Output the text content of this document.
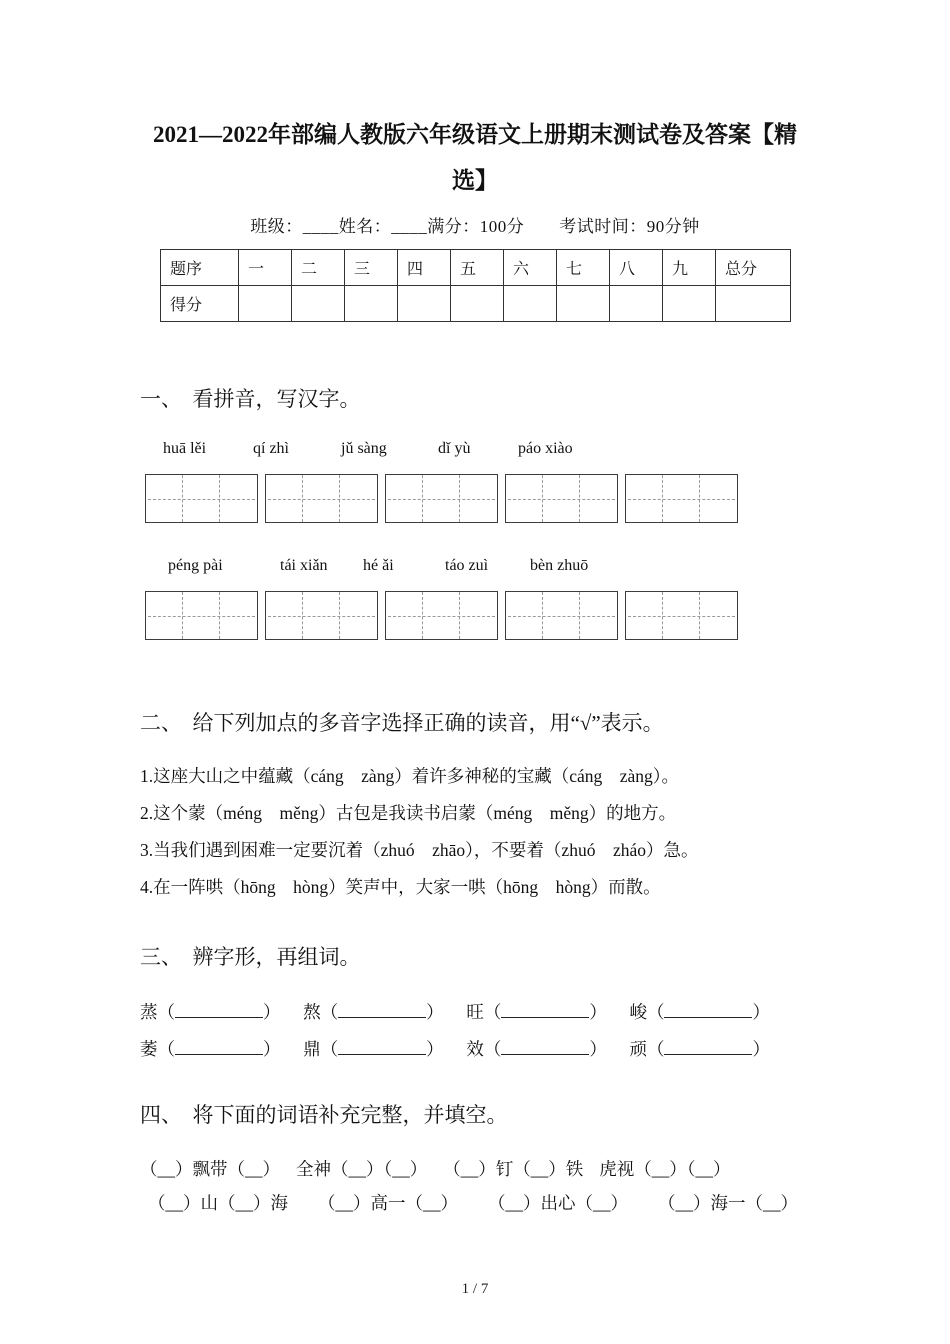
2021—2022年部编人教版六年级语文上册期末测试卷及答案【精
选】
班级：____姓名：____满分：100分　　考试时间：90分钟
题序	一	二	三	四	五	六	七	八	九	总分
得分										
一、　看拼音，写汉字。
huā lěi	qí zhì	jǔ sàng	dǐ yù	páo xiào
péng pài	tái xiǎn hé ǎi	táo zuì	bèn zhuō
二、　给下列加点的多音字选择正确的读音，用“√”表示。
1.这座大山之中蕴藏 •（cáng　zàng）着许多神秘的宝藏 •（cáng　zàng）。
2.这个蒙 •（méng　měng）古包是我读书启蒙 •（méng　měng）的地方。
3.当我们遇到困难一定要沉着 •（zhuó　zhāo），不要着 •（zhuó　zháo）急。
4.在一阵哄 •（hōng　hòng）笑声中，大家一哄 •（hōng　hòng）而散。
三、　辨字形，再组词。
蒸（	） 熬（	） 旺（	） 峻（	）
萎（	） 鼎（	） 效（	） 顽（	）
四、　将下面的词语补充完整，并填空。
（__）飘带（__） 全神（__）（__） （__）钉（__）铁 虎视（__）（__）
（__）山（__）海 （__）高一（__） （__）出心（__） （__）海一（__）
1 / 7
